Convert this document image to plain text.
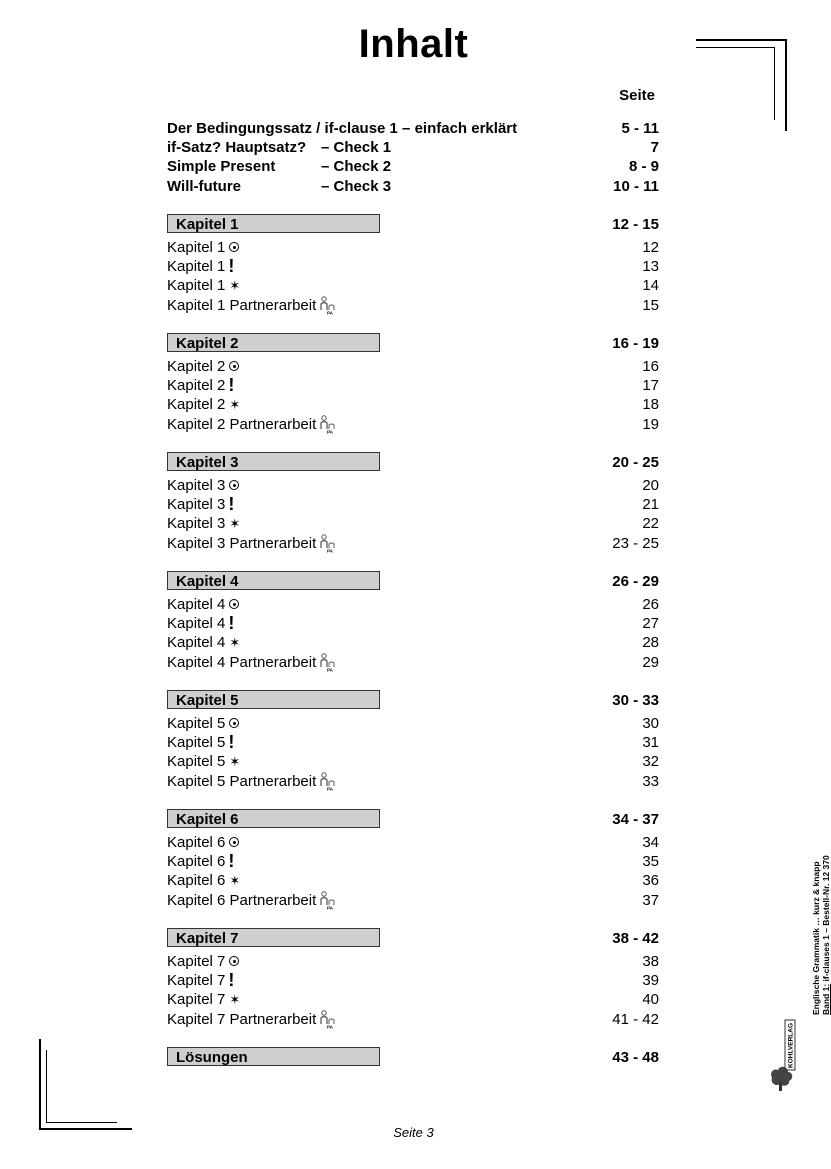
Inhalt
Seite
Der Bedingungssatz / if-clause 1 – einfach erklärt	5 - 11
if-Satz? Hauptsatz? – Check 1	7
Simple Present	– Check 2	8 - 9
Will-future	– Check 3	10 - 11
Kapitel 1	12 - 15
Kapitel 1	12
Kapitel 1 !	13
Kapitel 1 ✶	14
Kapitel 1 Partnerarbeit PA	15
Kapitel 2	16 - 19
Kapitel 2	16
Kapitel 2 !	17
Kapitel 2 ✶	18
Kapitel 2 Partnerarbeit PA	19
Kapitel 3	20 - 25
Kapitel 3	20
Kapitel 3 !	21
Kapitel 3 ✶	22
Kapitel 3 Partnerarbeit PA	23 - 25
Kapitel 4	26 - 29
Kapitel 4	26
Kapitel 4 !	27
Kapitel 4 ✶	28
Kapitel 4 Partnerarbeit PA	29
Kapitel 5	30 - 33
Kapitel 5	30
Kapitel 5 !	31
Kapitel 5 ✶	32
Kapitel 5 Partnerarbeit PA	33
Kapitel 6	34 - 37
Kapitel 6	34
Kapitel 6 !	35
Kapitel 6 ✶	36
Kapitel 6 Partnerarbeit PA	37
Kapitel 7	38 - 42
Kapitel 7	38
Kapitel 7 !	39
Kapitel 7 ✶	40
Kapitel 7 Partnerarbeit PA	41 - 42
Lösungen	43 - 48
Seite 3
Englische Grammatik … kurz & knapp Band 1: if-clauses 1 – Bestell-Nr. 12 370
KOHLVERLAG
